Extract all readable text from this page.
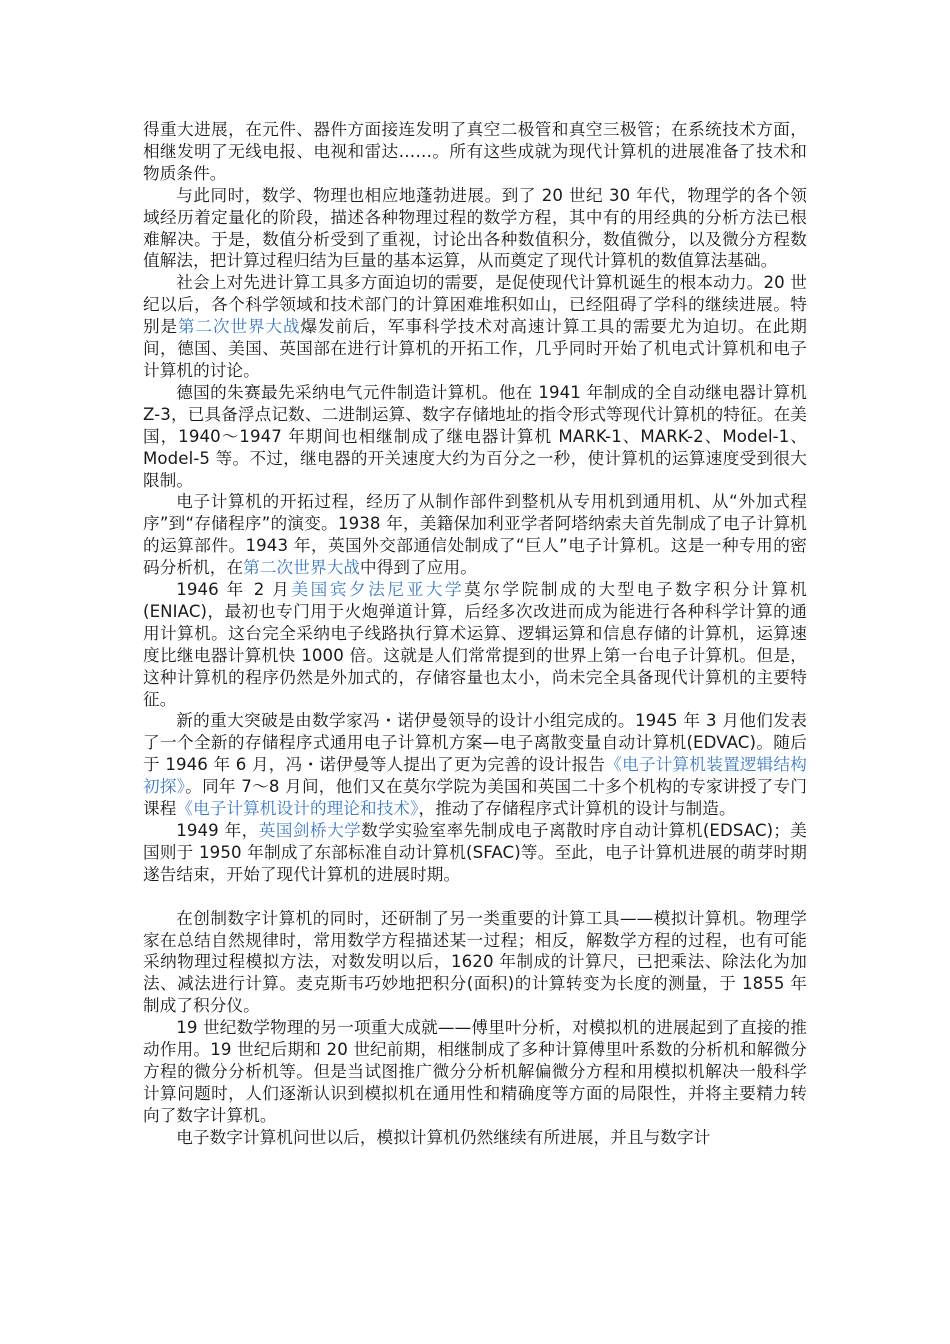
得重大进展，在元件、器件方面接连发明了真空二极管和真空三极管；在系统技术方面，相继发明了无线电报、电视和雷达……。所有这些成就为现代计算机的进展准备了技术和物质条件。

与此同时，数学、物理也相应地蓬勃进展。到了 20 世纪 30 年代，物理学的各个领域经历着定量化的阶段，描述各种物理过程的数学方程，其中有的用经典的分析方法已根难解决。于是，数值分析受到了重视，讨论出各种数值积分，数值微分，以及微分方程数值解法，把计算过程归结为巨量的基本运算，从而奠定了现代计算机的数值算法基础。

社会上对先进计算工具多方面迫切的需要，是促使现代计算机诞生的根本动力。20 世纪以后，各个科学领域和技术部门的计算困难堆积如山，已经阻碍了学科的继续进展。特别是第二次世界大战爆发前后，军事科学技术对高速计算工具的需要尤为迫切。在此期间，德国、美国、英国部在进行计算机的开拓工作，几乎同时开始了机电式计算机和电子计算机的讨论。

德国的朱赛最先采纳电气元件制造计算机。他在 1941 年制成的全自动继电器计算机 Z-3，已具备浮点记数、二进制运算、数字存储地址的指令形式等现代计算机的特征。在美国，1940～1947 年期间也相继制成了继电器计算机 MARK-1、MARK-2、Model-1、Model-5 等。不过，继电器的开关速度大约为百分之一秒，使计算机的运算速度受到很大限制。

电子计算机的开拓过程，经历了从制作部件到整机从专用机到通用机、从“外加式程序”到“存储程序”的演变。1938 年，美籍保加利亚学者阿塔纳索夫首先制成了电子计算机的运算部件。1943 年，英国外交部通信处制成了“巨人”电子计算机。这是一种专用的密码分析机，在第二次世界大战中得到了应用。

1946 年 2 月美国宾夕法尼亚大学莫尔学院制成的大型电子数字积分计算机(ENIAC)，最初也专门用于火炮弹道计算，后经多次改进而成为能进行各种科学计算的通用计算机。这台完全采纳电子线路执行算术运算、逻辑运算和信息存储的计算机，运算速度比继电器计算机快 1000 倍。这就是人们常常提到的世界上第一台电子计算机。但是，这种计算机的程序仍然是外加式的，存储容量也太小，尚未完全具备现代计算机的主要特征。

新的重大突破是由数学家冯・诺伊曼领导的设计小组完成的。1945 年 3 月他们发表了一个全新的存储程序式通用电子计算机方案—电子离散变量自动计算机(EDVAC)。随后于 1946 年 6 月，冯・诺伊曼等人提出了更为完善的设计报告《电子计算机装置逻辑结构初探》。同年 7～8 月间，他们又在莫尔学院为美国和英国二十多个机构的专家讲授了专门课程《电子计算机设计的理论和技术》，推动了存储程序式计算机的设计与制造。

1949 年，英国剑桥大学数学实验室率先制成电子离散时序自动计算机(EDSAC)；美国则于 1950 年制成了东部标准自动计算机(SFAC)等。至此，电子计算机进展的萌芽时期遂告结束，开始了现代计算机的进展时期。

在创制数字计算机的同时，还研制了另一类重要的计算工具——模拟计算机。物理学家在总结自然规律时，常用数学方程描述某一过程；相反，解数学方程的过程，也有可能采纳物理过程模拟方法，对数发明以后，1620 年制成的计算尺，已把乘法、除法化为加法、减法进行计算。麦克斯韦巧妙地把积分(面积)的计算转变为长度的测量，于 1855 年制成了积分仪。

19 世纪数学物理的另一项重大成就——傅里叶分析，对模拟机的进展起到了直接的推动作用。19 世纪后期和 20 世纪前期，相继制成了多种计算傅里叶系数的分析机和解微分方程的微分分析机等。但是当试图推广微分分析机解偏微分方程和用模拟机解决一般科学计算问题时，人们逐渐认识到模拟机在通用性和精确度等方面的局限性，并将主要精力转向了数字计算机。

电子数字计算机问世以后，模拟计算机仍然继续有所进展，并且与数字计
